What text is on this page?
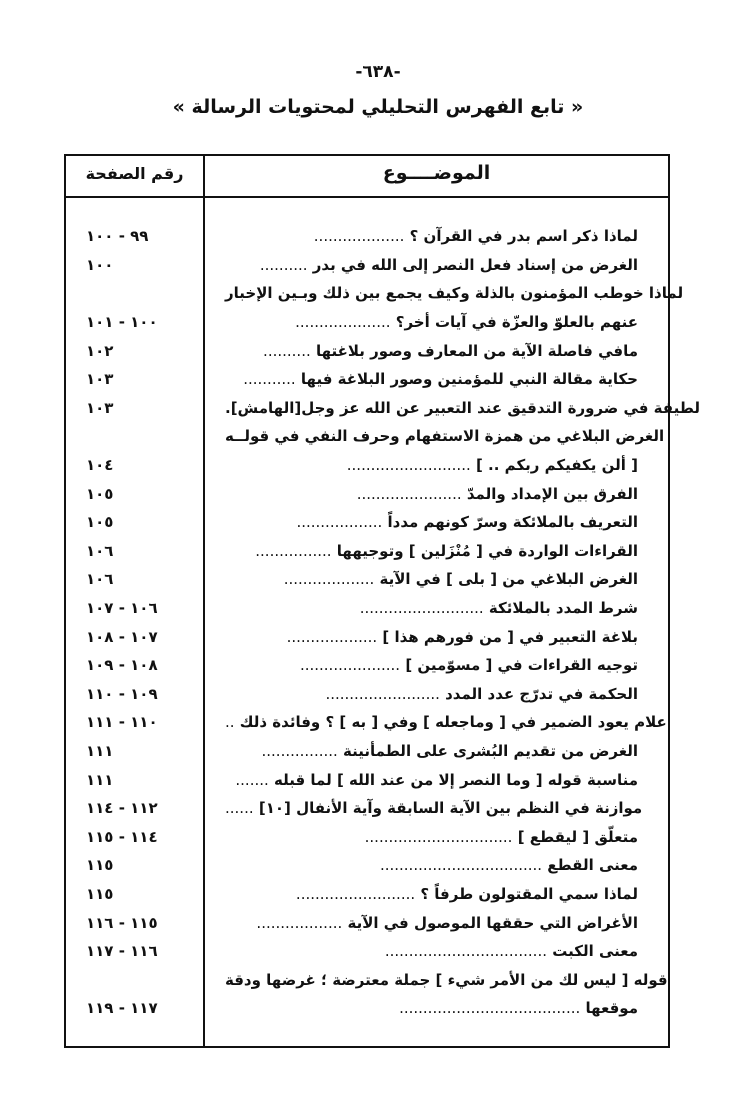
-٦٣٨-
« تابع الفهرس التحليلي لمحتويات الرسالة »
الموضــــوع
رقم الصفحة
٩٩ - ١٠٠	لماذا ذكر اسم بدر في القرآن ؟ ...................
١٠٠	الغرض من إسناد فعل النصر إلى الله في بدر ..........
لماذا خوطب المؤمنون بالذلة وكيف يجمع بين ذلك وبـين الإخبار
١٠٠ - ١٠١	عنهم بالعلوّ والعزّة في آيات أخر؟ ....................
١٠٢	مافي فاصلة الآية من المعارف وصور بلاغتها ..........
١٠٣	حكاية مقالة النبي للمؤمنين وصور البلاغة فيها ...........
١٠٣	لطيفة في ضرورة التدقيق عند التعبير عن الله عز وجل[الهامش].
الغرض البلاغي من همزة الاستفهام وحرف النفي في قولــه
١٠٤	[ ألن يكفيكم ربكم .. ] ..........................
١٠٥	الفرق بين الإمداد والمدّ ......................
١٠٥	التعريف بالملائكة وسرّ كونهم مدداً ..................
١٠٦	القراءات الواردة في [ مُنْزَلين ] وتوجيهها ................
١٠٦	الغرض البلاغي من [ بلى ] في الآية ...................
١٠٦ - ١٠٧	شرط المدد بالملائكة ..........................
١٠٧ - ١٠٨	بلاغة التعبير في [ من فورهم هذا ] ...................
١٠٨ - ١٠٩	توجيه القراءات في [ مسوّمين ] .....................
١٠٩ - ١١٠	الحكمة في تدرّج عدد المدد ........................
١١٠ - ١١١	علام يعود الضمير في [ وماجعله ] وفي [ به ] ؟ وفائدة ذلك ..
١١١	الغرض من تقديم البُشرى على الطمأنينة ................
١١١	مناسبة قوله [ وما النصر إلا من عند الله ] لما قبله .......
١١٢ - ١١٤	موازنة في النظم بين الآية السابقة وآية الأنفال [١٠] ......
١١٤ - ١١٥	متعلّق [ ليقطع ] ...............................
١١٥	معنى القطع ..................................
١١٥	لماذا سمي المقتولون طرفاً ؟ .........................
١١٥ - ١١٦	الأغراض التي حققها الموصول في الآية ..................
١١٦ - ١١٧	معنى الكبت ..................................
قوله [ ليس لك من الأمر شيء ] جملة معترضة ؛ غرضها ودقة
١١٧ - ١١٩	موقعها ......................................
